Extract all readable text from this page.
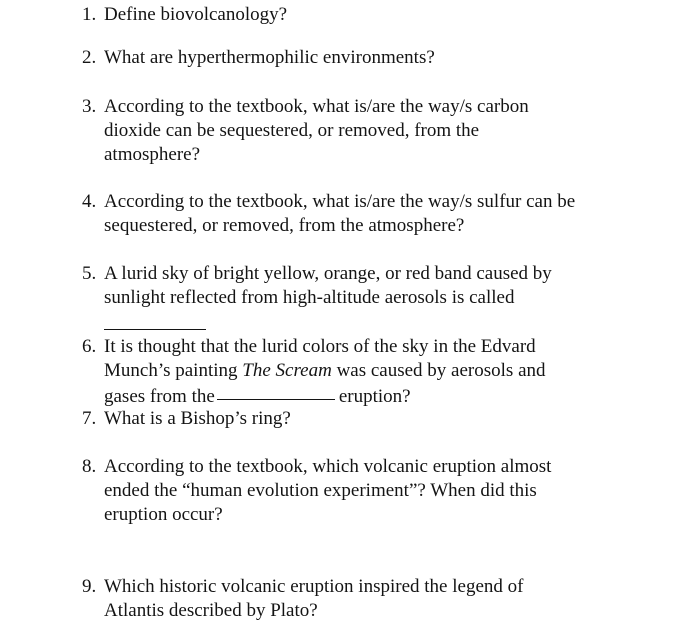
1. Define biovolcanology?
2. What are hyperthermophilic environments?
3. According to the textbook, what is/are the way/s carbon
dioxide can be sequestered, or removed, from the
atmosphere?
4. According to the textbook, what is/are the way/s sulfur can be
sequestered, or removed, from the atmosphere?
5. A lurid sky of bright yellow, orange, or red band caused by
sunlight reflected from high-altitude aerosols is called
6. It is thought that the lurid colors of the sky in the Edvard
Munch’s painting The Scream was caused by aerosols and
gases from the	eruption?
7. What is a Bishop’s ring?
8. According to the textbook, which volcanic eruption almost
ended the “human evolution experiment”? When did this
eruption occur?
9. Which historic volcanic eruption inspired the legend of
Atlantis described by Plato?
